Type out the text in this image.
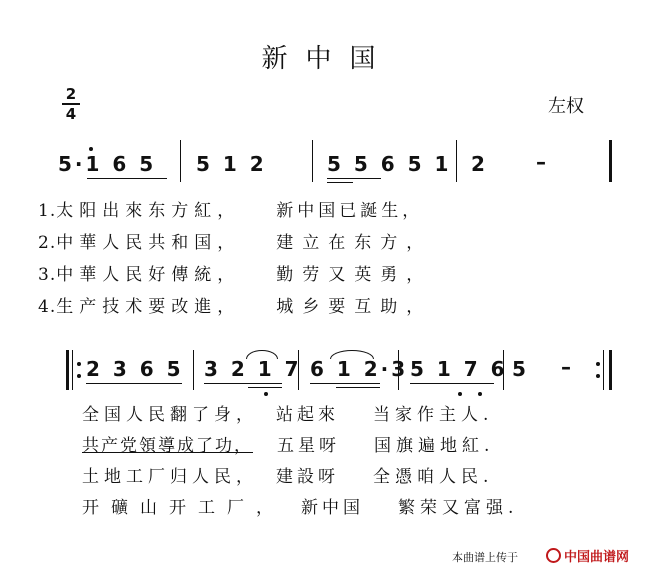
新中国
左权
2
4
5·1 6 5 5 1 2	5 5 6 5 1 2 –
1.太阳出來东方紅， 新中国已誕生，
2.中華人民共和国， 建立在东方，
3.中華人民好傳統， 勤劳又英勇，
4.生产技术要改進， 城乡要互助，
2 3 6 5 3 2 1 7 6 1 2·3 5 1 7 6 5 –
全国人民翻了身， 站起來 当家作主人.
共产党領導成了功， 五星呀 国旗遍地紅.
土地工厂归人民， 建設呀 全憑咱人民.
开礦山开工厂， 新中国 繁荣又富强.
本曲谱上传于	中国曲谱网
